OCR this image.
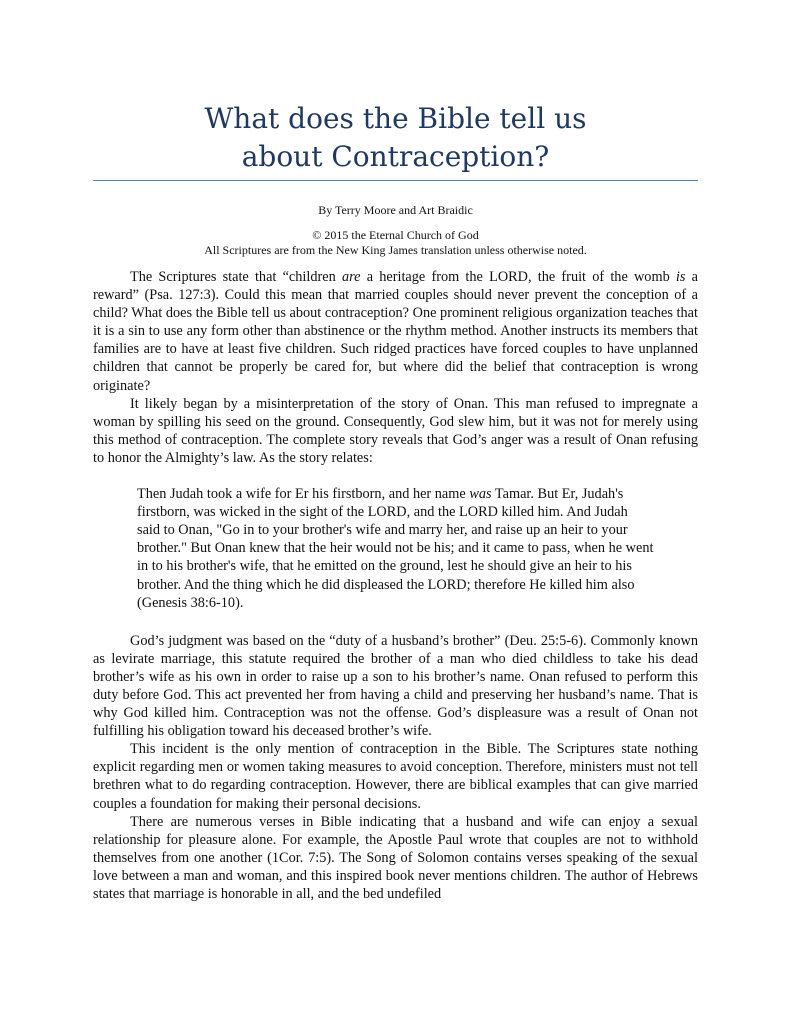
What does the Bible tell us
about Contraception?
By Terry Moore and Art Braidic
© 2015 the Eternal Church of God
All Scriptures are from the New King James translation unless otherwise noted.

The Scriptures state that “children are a heritage from the LORD, the fruit of the womb is a reward” (Psa. 127:3). Could this mean that married couples should never prevent the conception of a child? What does the Bible tell us about contraception? One prominent religious organization teaches that it is a sin to use any form other than abstinence or the rhythm method. Another instructs its members that families are to have at least five children. Such ridged practices have forced couples to have unplanned children that cannot be properly be cared for, but where did the belief that contraception is wrong originate?

It likely began by a misinterpretation of the story of Onan. This man refused to impregnate a woman by spilling his seed on the ground. Consequently, God slew him, but it was not for merely using this method of contraception. The complete story reveals that God’s anger was a result of Onan refusing to honor the Almighty’s law. As the story relates:

Then Judah took a wife for Er his firstborn, and her name was Tamar. But Er, Judah's firstborn, was wicked in the sight of the LORD, and the LORD killed him. And Judah said to Onan, "Go in to your brother's wife and marry her, and raise up an heir to your brother." But Onan knew that the heir would not be his; and it came to pass, when he went in to his brother's wife, that he emitted on the ground, lest he should give an heir to his brother. And the thing which he did displeased the LORD; therefore He killed him also (Genesis 38:6-10).

God’s judgment was based on the “duty of a husband’s brother” (Deu. 25:5-6). Commonly known as levirate marriage, this statute required the brother of a man who died childless to take his dead brother’s wife as his own in order to raise up a son to his brother’s name. Onan refused to perform this duty before God. This act prevented her from having a child and preserving her husband’s name. That is why God killed him. Contraception was not the offense. God’s displeasure was a result of Onan not fulfilling his obligation toward his deceased brother’s wife.

This incident is the only mention of contraception in the Bible. The Scriptures state nothing explicit regarding men or women taking measures to avoid conception. Therefore, ministers must not tell brethren what to do regarding contraception. However, there are biblical examples that can give married couples a foundation for making their personal decisions.

There are numerous verses in Bible indicating that a husband and wife can enjoy a sexual relationship for pleasure alone. For example, the Apostle Paul wrote that couples are not to withhold themselves from one another (1Cor. 7:5). The Song of Solomon contains verses speaking of the sexual love between a man and woman, and this inspired book never mentions children. The author of Hebrews states that marriage is honorable in all, and the bed undefiled
